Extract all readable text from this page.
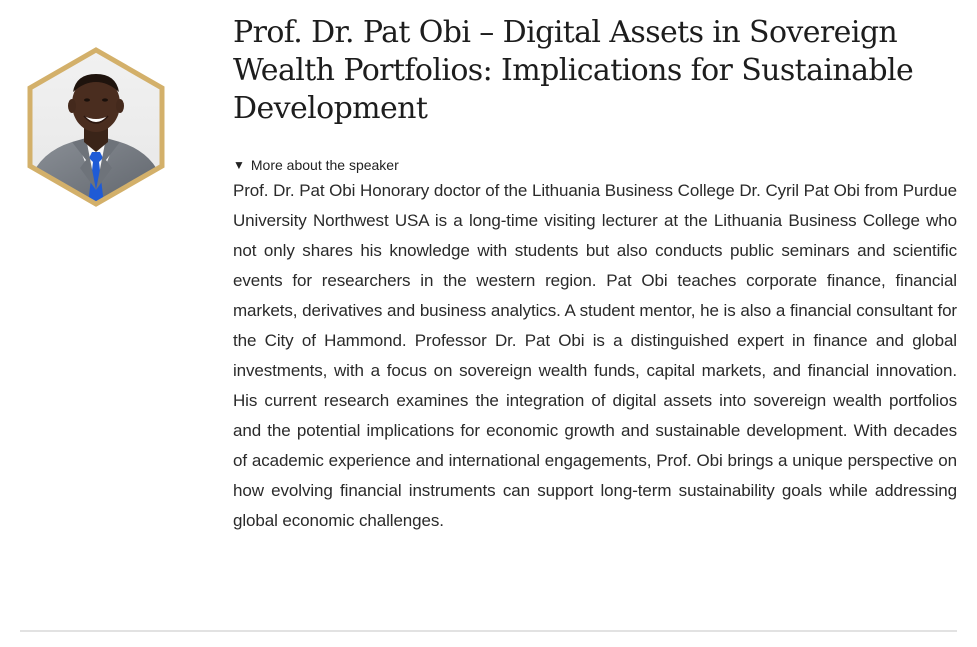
Prof. Dr. Pat Obi – Digital Assets in Sovereign Wealth Portfolios: Implications for Sustainable Development
▼ More about the speaker

Prof. Dr. Pat Obi Honorary doctor of the Lithuania Business College Dr. Cyril Pat Obi from Purdue University Northwest USA is a long-time visiting lecturer at the Lithuania Business College who not only shares his knowledge with students but also conducts public seminars and scientific events for researchers in the western region. Pat Obi teaches corporate finance, financial markets, derivatives and business analytics. A student mentor, he is also a financial consultant for the City of Hammond. Professor Dr. Pat Obi is a distinguished expert in finance and global investments, with a focus on sovereign wealth funds, capital markets, and financial innovation. His current research examines the integration of digital assets into sovereign wealth portfolios and the potential implications for economic growth and sustainable development. With decades of academic experience and international engagements, Prof. Obi brings a unique perspective on how evolving financial instruments can support long-term sustainability goals while addressing global economic challenges.
